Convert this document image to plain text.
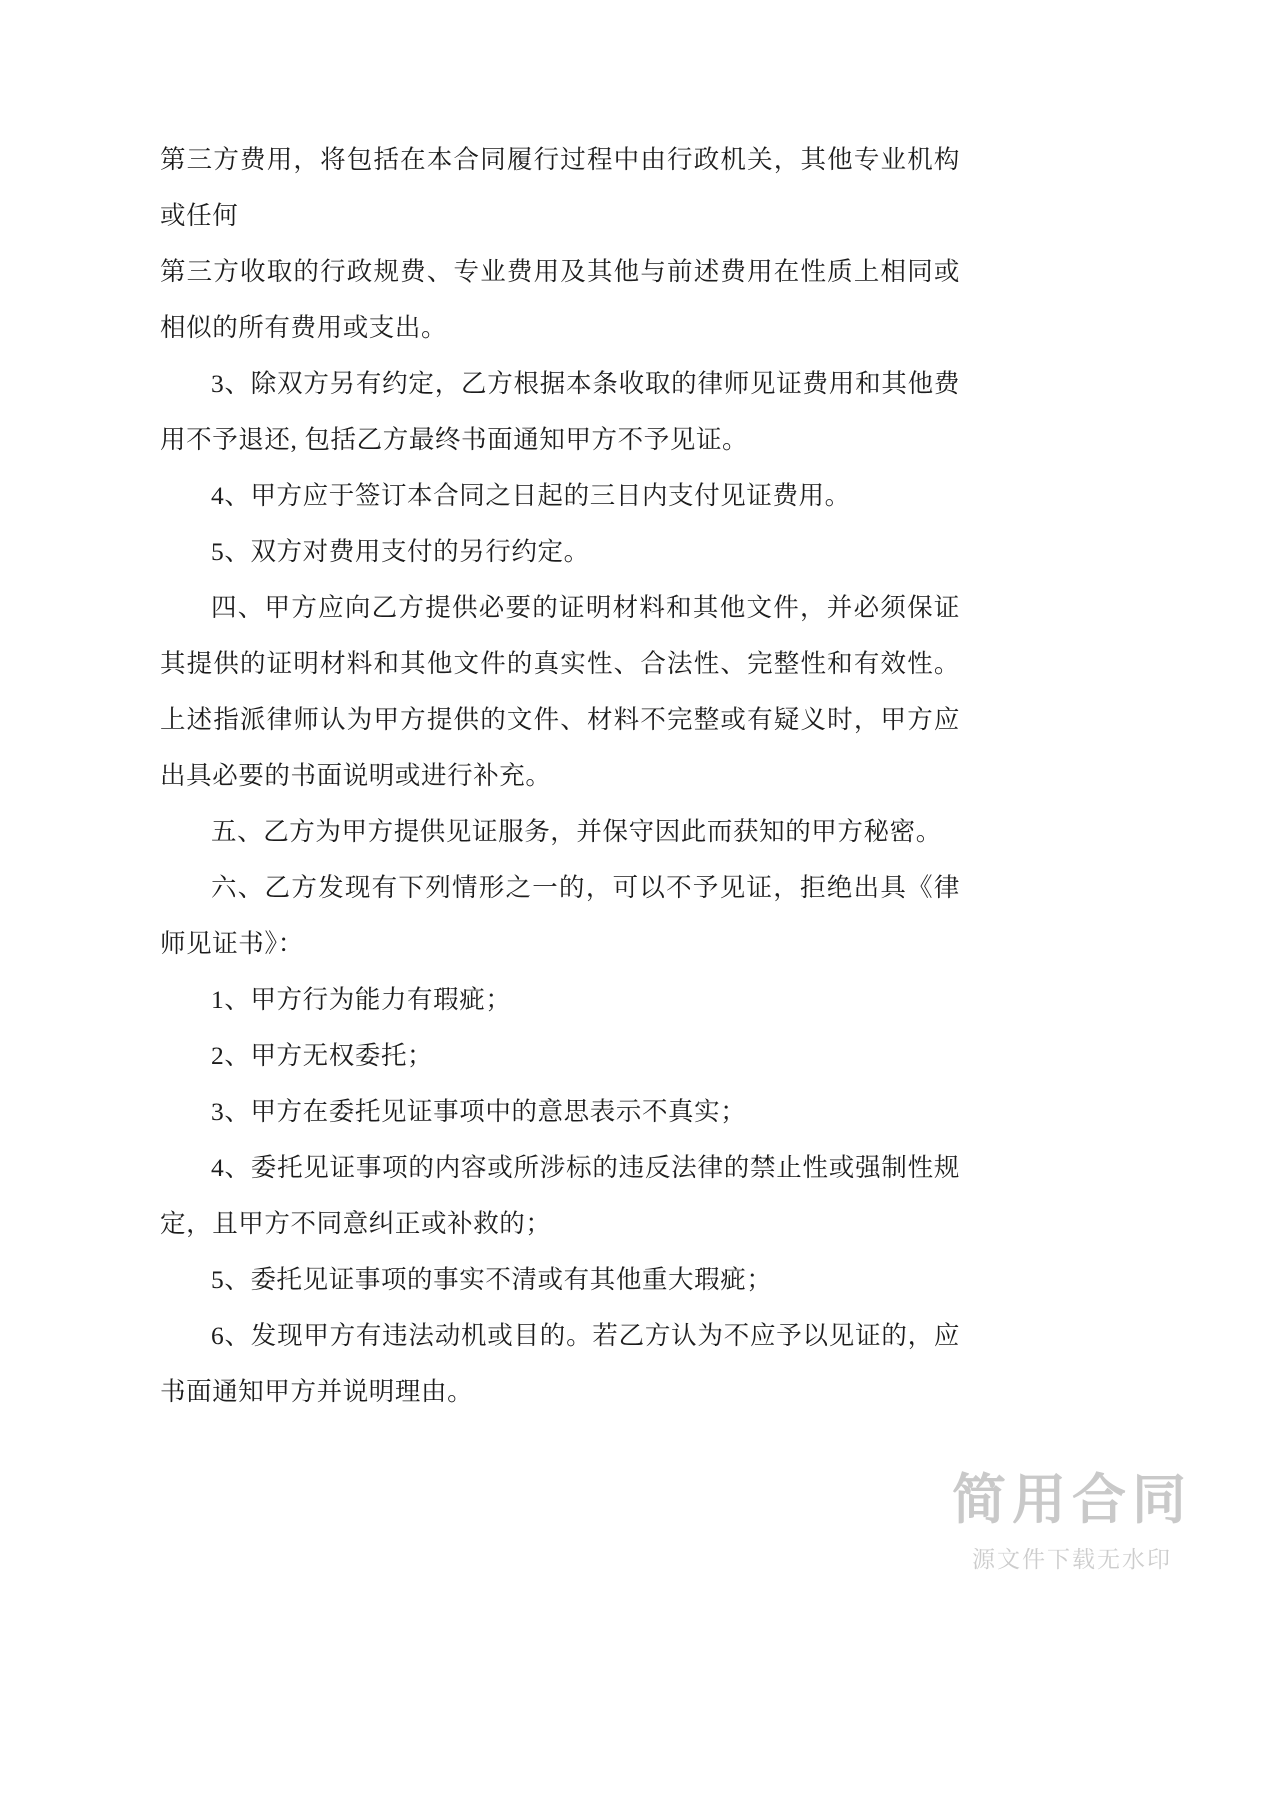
第三方费用，将包括在本合同履行过程中由行政机关，其他专业机构或任何

第三方收取的行政规费、专业费用及其他与前述费用在性质上相同或相似的所有费用或支出。

3、除双方另有约定，乙方根据本条收取的律师见证费用和其他费用不予退还, 包括乙方最终书面通知甲方不予见证。

4、甲方应于签订本合同之日起的三日内支付见证费用。

5、双方对费用支付的另行约定。

四、甲方应向乙方提供必要的证明材料和其他文件，并必须保证其提供的证明材料和其他文件的真实性、合法性、完整性和有效性。上述指派律师认为甲方提供的文件、材料不完整或有疑义时，甲方应出具必要的书面说明或进行补充。

五、乙方为甲方提供见证服务，并保守因此而获知的甲方秘密。

六、乙方发现有下列情形之一的，可以不予见证，拒绝出具《律师见证书》：

1、甲方行为能力有瑕疵；

2、甲方无权委托；

3、甲方在委托见证事项中的意思表示不真实；

4、委托见证事项的内容或所涉标的违反法律的禁止性或强制性规定，且甲方不同意纠正或补救的；

5、委托见证事项的事实不清或有其他重大瑕疵；

6、发现甲方有违法动机或目的。若乙方认为不应予以见证的，应书面通知甲方并说明理由。

简用合同
源文件下载无水印
